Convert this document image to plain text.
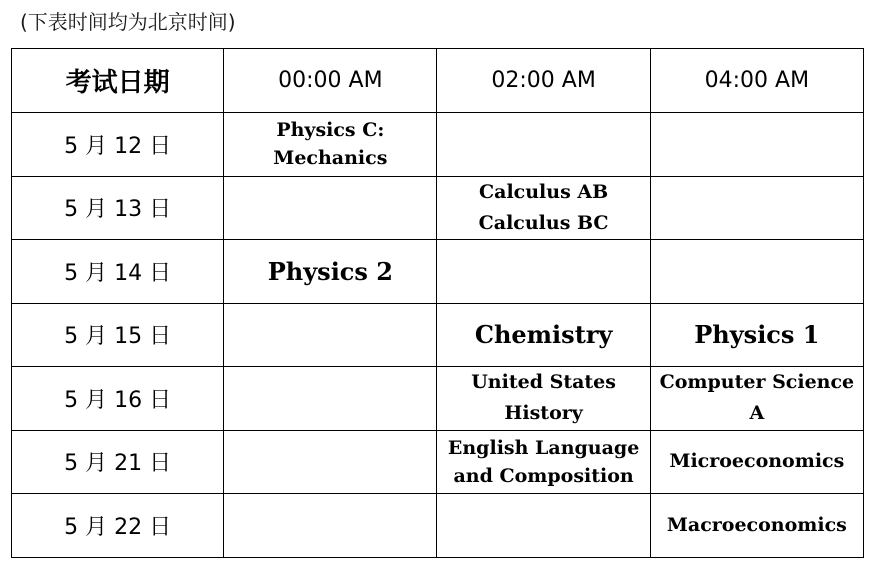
(下表时间均为北京时间)
考试日期	00:00 AM	02:00 AM	04:00 AM
5 月 12 日	Physics C:
Mechanics		

5 月 13 日		Calculus AB
Calculus BC	

5 月 14 日	Physics 2		

5 月 15 日		Chemistry	Physics 1

5 月 16 日		United States
History	Computer Science
A

5 月 21 日		English Language
and Composition	Microeconomics

5 月 22 日			Macroeconomics
